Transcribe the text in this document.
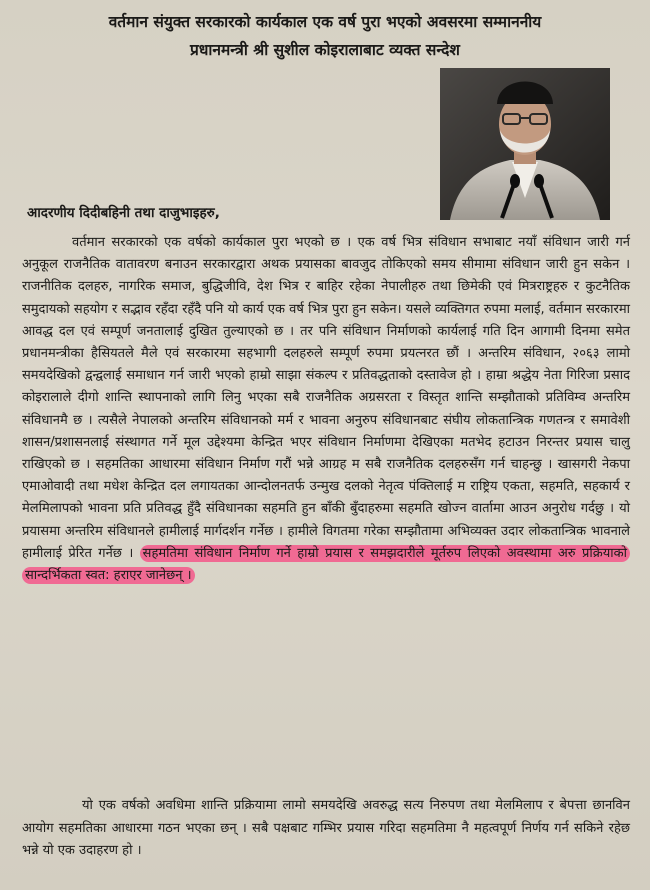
वर्तमान संयुक्त सरकारको कार्यकाल एक वर्ष पुरा भएको अवसरमा सम्माननीय
प्रधानमन्त्री श्री सुशील कोइरालाबाट व्यक्त सन्देश
आदरणीय दिदीबहिनी तथा दाजुभाइहरु,

वर्तमान सरकारको एक वर्षको कार्यकाल पुरा भएको छ । एक वर्ष भित्र संविधान सभाबाट नयाँ संविधान जारी गर्न अनुकूल राजनैतिक वातावरण बनाउन सरकारद्वारा अथक प्रयासका बावजुद तोकिएको समय सीमामा संविधान जारी हुन सकेन । राजनीतिक दलहरु, नागरिक समाज, बुद्धिजीवि, देश भित्र र बाहिर रहेका नेपालीहरु तथा छिमेकी एवं मित्रराष्ट्रहरु र कुटनैतिक समुदायको सहयोग र सद्भाव रहँदा रहँदै पनि यो कार्य एक वर्ष भित्र पुरा हुन सकेन। यसले व्यक्तिगत रुपमा मलाई, वर्तमान सरकारमा आवद्ध दल एवं सम्पूर्ण जनतालाई दुखित तुल्याएको छ । तर पनि संविधान निर्माणको कार्यलाई गति दिन आगामी दिनमा समेत प्रधानमन्त्रीका हैसियतले मैले एवं सरकारमा सहभागी दलहरुले सम्पूर्ण रुपमा प्रयत्नरत छौं । अन्तरिम संविधान, २०६३ लामो समयदेखिको द्वन्द्वलाई समाधान गर्न जारी भएको हाम्रो साझा संकल्प र प्रतिवद्धताको दस्तावेज हो । हाम्रा श्रद्धेय नेता गिरिजा प्रसाद कोइरालाले दीगो शान्ति स्थापनाको लागि लिनु भएका सबै राजनैतिक अग्रसरता र विस्तृत शान्ति सम्झौताको प्रतिविम्व अन्तरिम संविधानमै छ । त्यसैले नेपालको अन्तरिम संविधानको मर्म र भावना अनुरुप संविधानबाट संघीय लोकतान्त्रिक गणतन्त्र र समावेशी शासन/प्रशासनलाई संस्थागत गर्ने मूल उद्देश्यमा केन्द्रित भएर संविधान निर्माणमा देखिएका मतभेद हटाउन निरन्तर प्रयास चालु राखिएको छ । सहमतिका आधारमा संविधान निर्माण गरौं भन्ने आग्रह म सबै राजनैतिक दलहरुसँग गर्न चाहन्छु । खासगरी नेकपा एमाओवादी तथा मधेश केन्द्रित दल लगायतका आन्दोलनतर्फ उन्मुख दलको नेतृत्व पंक्तिलाई म राष्ट्रिय एकता, सहमति, सहकार्य र मेलमिलापको भावना प्रति प्रतिवद्ध हुँदै संविधानका सहमति हुन बाँकी बुँदाहरुमा सहमति खोज्न वार्तामा आउन अनुरोध गर्दछु । यो प्रयासमा अन्तरिम संविधानले हामीलाई मार्गदर्शन गर्नेछ । हामीले विगतमा गरेका सम्झौतामा अभिव्यक्त उदार लोकतान्त्रिक भावनाले हामीलाई प्रेरित गर्नेछ । सहमतिमा संविधान निर्माण गर्ने हाम्रो प्रयास र समझदारीले मूर्तरुप लिएको अवस्थामा अरु प्रक्रियाको सान्दर्भिकता स्वत: हराएर जानेछन् ।

यो एक वर्षको अवधिमा शान्ति प्रक्रियामा लामो समयदेखि अवरुद्ध सत्य निरुपण तथा मेलमिलाप र बेपत्ता छानविन आयोग सहमतिका आधारमा गठन भएका छन् । सबै पक्षबाट गम्भिर प्रयास गरिदा सहमतिमा नै महत्वपूर्ण निर्णय गर्न सकिने रहेछ भन्ने यो एक उदाहरण हो ।
